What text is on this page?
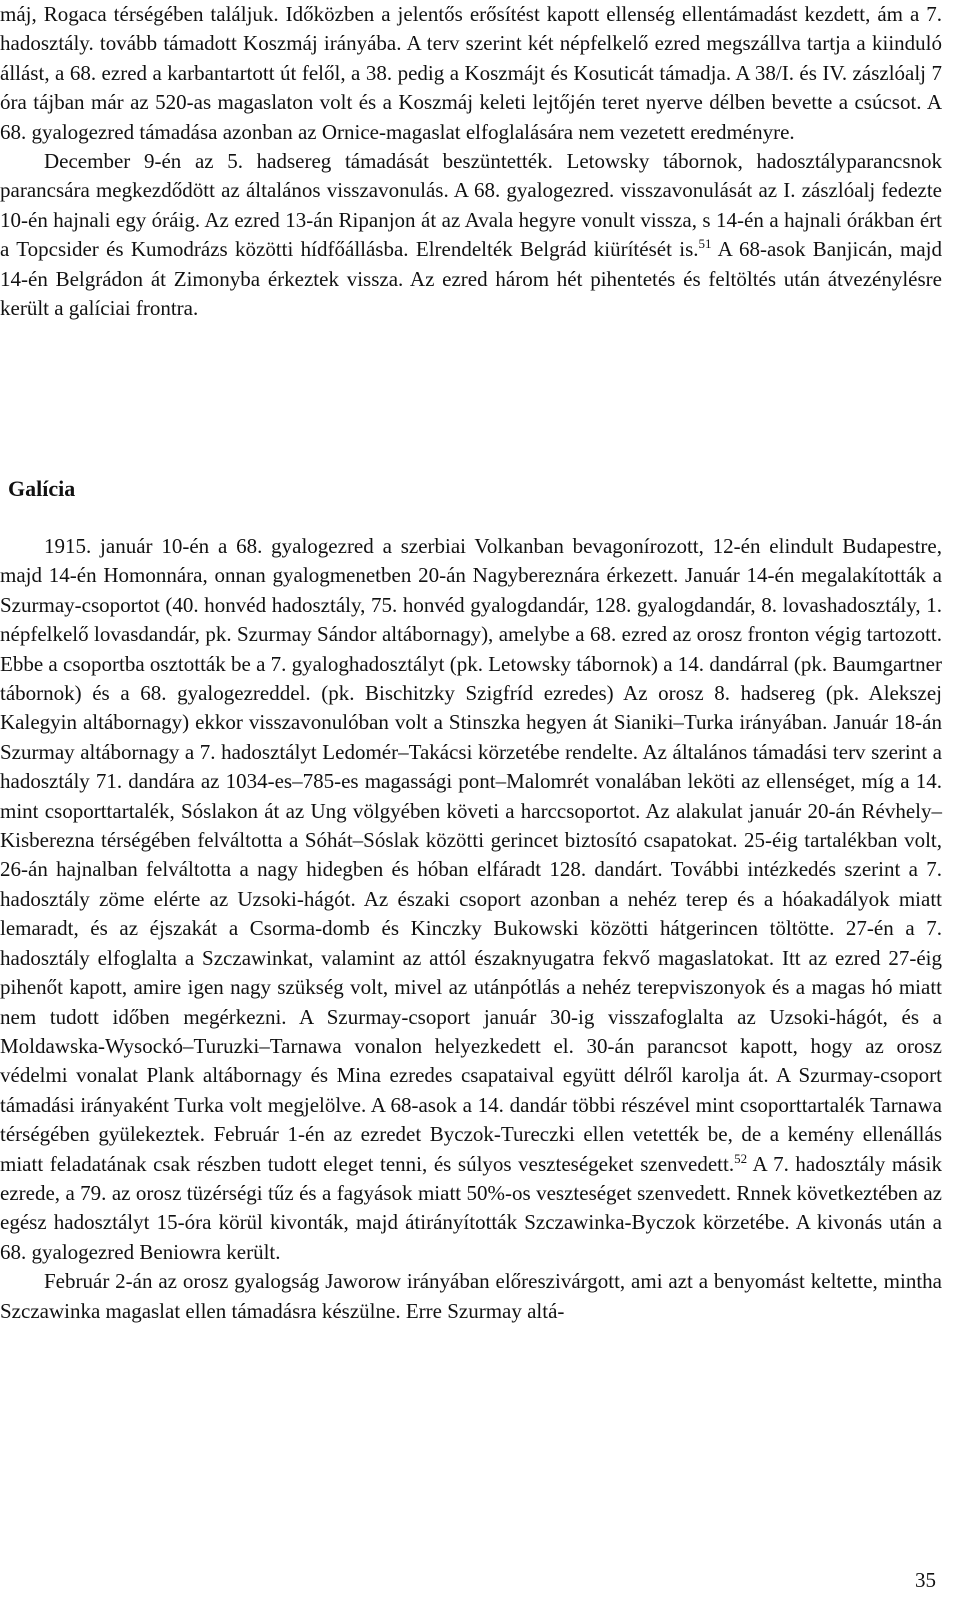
máj, Rogaca térségében találjuk. Időközben a jelentős erősítést kapott ellenség ellentámadást kezdett, ám a 7. hadosztály. tovább támadott Koszmáj irányába. A terv szerint két népfelkelő ezred megszállva tartja a kiinduló állást, a 68. ezred a karbantartott út felől, a 38. pedig a Koszmájt és Kosuticát támadja. A 38/I. és IV. zászlóalj 7 óra tájban már az 520-as magaslaton volt és a Koszmáj keleti lejtőjén teret nyerve délben bevette a csúcsot. A 68. gyalogezred támadása azonban az Ornice-magaslat elfoglalására nem vezetett eredményre.

December 9-én az 5. hadsereg támadását beszüntették. Letowsky tábornok, hadosztályparancsnok parancsára megkezdődött az általános visszavonulás. A 68. gyalogezred. visszavonulását az I. zászlóalj fedezte 10-én hajnali egy óráig. Az ezred 13-án Ripanjon át az Avala hegyre vonult vissza, s 14-én a hajnali órákban ért a Topcsider és Kumodrázs közötti hídfőállásba. Elrendelték Belgrád kiürítését is.$^{51}$ A 68-asok Banjicán, majd 14-én Belgrádon át Zimonyba érkeztek vissza. Az ezred három hét pihentetés és feltöltés után átvezénylésre került a galíciai frontra.

Galícia

1915. január 10-én a 68. gyalogezred a szerbiai Volkanban bevagonírozott, 12-én elindult Budapestre, majd 14-én Homonnára, onnan gyalogmenetben 20-án Nagybereznára érkezett. Január 14-én megalakították a Szurmay-csoportot (40. honvéd hadosztály, 75. honvéd gyalogdandár, 128. gyalogdandár, 8. lovashadosztály, 1. népfelkelő lovasdandár, pk. Szurmay Sándor altábornagy), amelybe a 68. ezred az orosz fronton végig tartozott. Ebbe a csoportba osztották be a 7. gyaloghadosztályt (pk. Letowsky tábornok) a 14. dandárral (pk. Baumgartner tábornok) és a 68. gyalogezreddel. (pk. Bischitzky Szigfríd ezredes) Az orosz 8. hadsereg (pk. Alekszej Kalegyin altábornagy) ekkor visszavonulóban volt a Stinszka hegyen át Sianiki–Turka irányában. Január 18-án Szurmay altábornagy a 7. hadosztályt Ledomér–Takácsi körzetébe rendelte. Az általános támadási terv szerint a hadosztály 71. dandára az 1034-es–785-es magassági pont–Malomrét vonalában leköti az ellenséget, míg a 14. mint csoporttartalék, Sóslakon át az Ung völgyében követi a harccsoportot. Az alakulat január 20-án Révhely–Kisberezna térségében felváltotta a Sóhát–Sóslak közötti gerincet biztosító csapatokat. 25-éig tartalékban volt, 26-án hajnalban felváltotta a nagy hidegben és hóban elfáradt 128. dandárt. További intézkedés szerint a 7. hadosztály zöme elérte az Uzsoki-hágót. Az északi csoport azonban a nehéz terep és a hóakadályok miatt lemaradt, és az éjszakát a Csorma-domb és Kinczky Bukowski közötti hátgerincen töltötte. 27-én a 7. hadosztály elfoglalta a Szczawinkat, valamint az attól északnyugatra fekvő magaslatokat. Itt az ezred 27-éig pihenőt kapott, amire igen nagy szükség volt, mivel az utánpótlás a nehéz terepviszonyok és a magas hó miatt nem tudott időben megérkezni. A Szurmay-csoport január 30-ig visszafoglalta az Uzsoki-hágót, és a Moldawska-Wysockó–Turuzki–Tarnawa vonalon helyezkedett el. 30-án parancsot kapott, hogy az orosz védelmi vonalat Plank altábornagy és Mina ezredes csapataival együtt délről karolja át. A Szurmay-csoport támadási irányaként Turka volt megjelölve. A 68-asok a 14. dandár többi részével mint csoporttartalék Tarnawa térségében gyülekeztek. Február 1-én az ezredet Byczok-Tureczki ellen vetették be, de a kemény ellenállás miatt feladatának csak részben tudott eleget tenni, és súlyos veszteségeket szenvedett.$^{52}$ A 7. hadosztály másik ezrede, a 79. az orosz tüzérségi tűz és a fagyások miatt 50%-os veszteséget szenvedett. Rnnek következtében az egész hadosztályt 15-óra körül kivonták, majd átirányították Szczawinka-Byczok körzetébe. A kivonás után a 68. gyalogezred Beniowra került.

Február 2-án az orosz gyalogság Jaworow irányában előreszivárgott, ami azt a benyomást keltette, mintha Szczawinka magaslat ellen támadásra készülne. Erre Szurmay altá-

35
